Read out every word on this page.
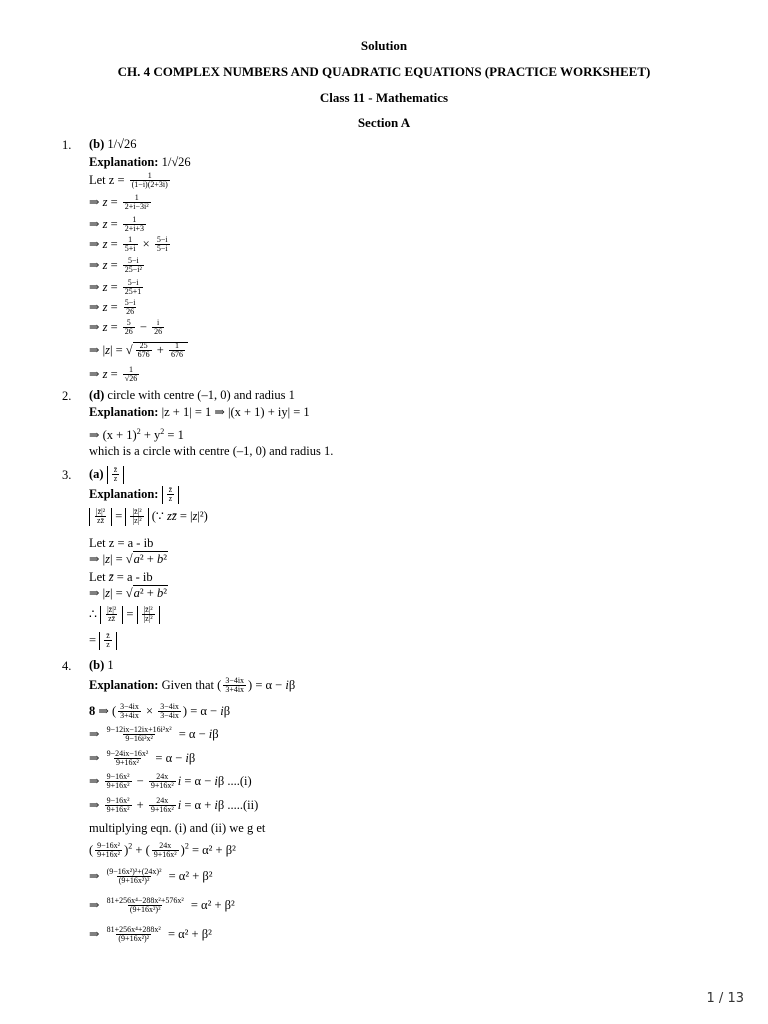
Solution
CH. 4 COMPLEX NUMBERS AND QUADRATIC EQUATIONS (PRACTICE WORKSHEET)
Class 11 - Mathematics
Section A
1. (b) 1/√26
Explanation: 1/√26
Let $z = \frac{1}{(1-i)(2+3i)}$
⇒ $z = \frac{1}{\text{2+i−3i²}}$
⇒ $z = \frac{1}{2+i+3}$
⇒ $z = \frac{1}{5+i} \times \frac{5-i}{5-i}$
⇒ $z = \frac{5-i}{\text{25−i²}}$
⇒ $z = \frac{5-i}{25+1}$
⇒ $z = \frac{5-i}{26}$
⇒ $z = \frac{5}{26} - \frac{i}{26}$
⇒ |z| = √ $\frac{25}{676} + \frac{1}{676}$
⇒ $z = \frac{1}{√26}$
2. (d) circle with centre (–1, 0) and radius 1
Explanation: |z + 1| = 1 ⇒ |(x + 1) + iy| = 1
⇒ $(x + 1)^2 + y^2 = 1$
which is a circle with centre (–1, 0) and radius 1.
3. $(a) \frac{z̄}{z}$
Explanation: $\frac{z̄}{z}$
$\frac{\text{|z̄|²}}{zz̄} = \frac{\text{|z̄|²}}{\text{|z|²}}$ (∵ zz̄ = |z|²)
Let z = a - ib
⇒ |z| = √a² + b²
Let z̄ = a - ib
⇒ |z| = √a² + b²
∴ $\frac{\text{|z̄|²}}{zz̄} = \frac{\text{|z̄|²}}{\text{|z|²}}$
= $\frac{z̄}{z}$
4. (b) 1
Explanation: Given that ( $\frac{3-4ix}{3+4ix}$ ) = α − iβ
8 ⇒ ( $\frac{3-4ix}{3+4ix} \times \frac{3-4ix}{3-4ix}$ ) = α − iβ
⇒ $\frac{\text{9−12ix−12ix+16i²x²}}{\text{9−16i²x²}} = \alpha - i\beta$
⇒ $\frac{\text{9−24ix−16x²}}{\text{9+16x²}} = \alpha - i\beta$
⇒ $\frac{\text{9−16x²}}{\text{9+16x²}} - \frac{24x}{\text{9+16x²}}$ i = α − iβ ....(i)
⇒ $\frac{\text{9−16x²}}{\text{9+16x²}} + \frac{24x}{\text{9+16x²}}$ i = α + iβ .....(ii)
multiplying eqn. (i) and (ii) we g et
( $\frac{\text{9−16x²}}{\text{9+16x²}} )^2$ + ( $\frac{24x}{\text{9+16x²}} )^2 = \alpha^2 + \beta^2$
⇒ $\frac{\text{(9−16x²)²+(24x)²}}{\text{(9+16x²)²}} = \alpha^2 + \beta^2$
⇒ $\frac{\text{81+256x⁴−288x²+576x²}}{\text{(9+16x²)²}} = \alpha^2 + \beta^2$
⇒ $\frac{\text{81+256x⁴+288x²}}{\text{(9+16x²)²}} = \alpha^2 + \beta^2$
1 / 13
